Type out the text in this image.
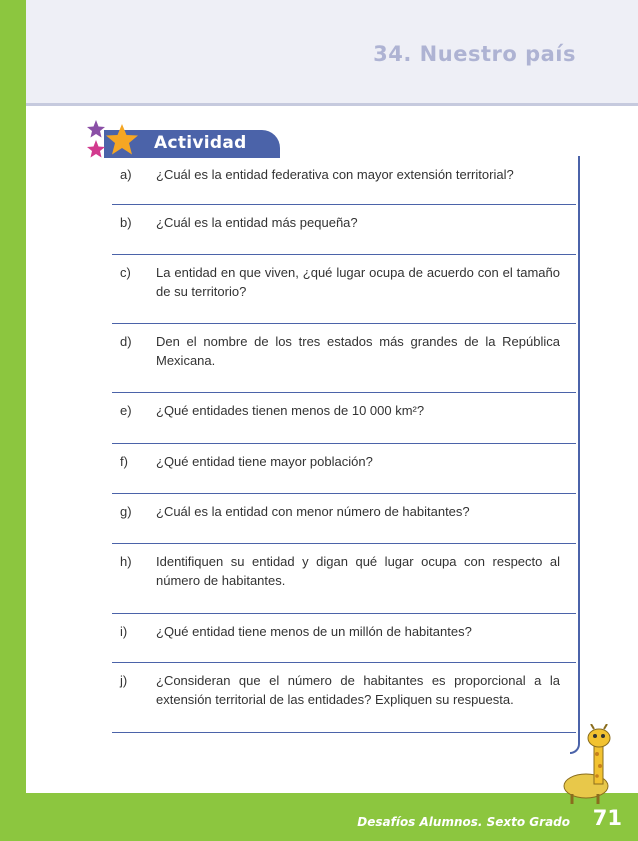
34. Nuestro país
Actividad
a) ¿Cuál es la entidad federativa con mayor extensión territorial?
b) ¿Cuál es la entidad más pequeña?
c) La entidad en que viven, ¿qué lugar ocupa de acuerdo con el tamaño de su territorio?
d) Den el nombre de los tres estados más grandes de la República Mexicana.
e) ¿Qué entidades tienen menos de 10 000 km²?
f) ¿Qué entidad tiene mayor población?
g) ¿Cuál es la entidad con menor número de habitantes?
h) Identifiquen su entidad y digan qué lugar ocupa con respecto al número de habitantes.
i) ¿Qué entidad tiene menos de un millón de habitantes?
j) ¿Consideran que el número de habitantes es proporcional a la extensión territorial de las entidades? Expliquen su respuesta.
Desafíos Alumnos. Sexto Grado 71
